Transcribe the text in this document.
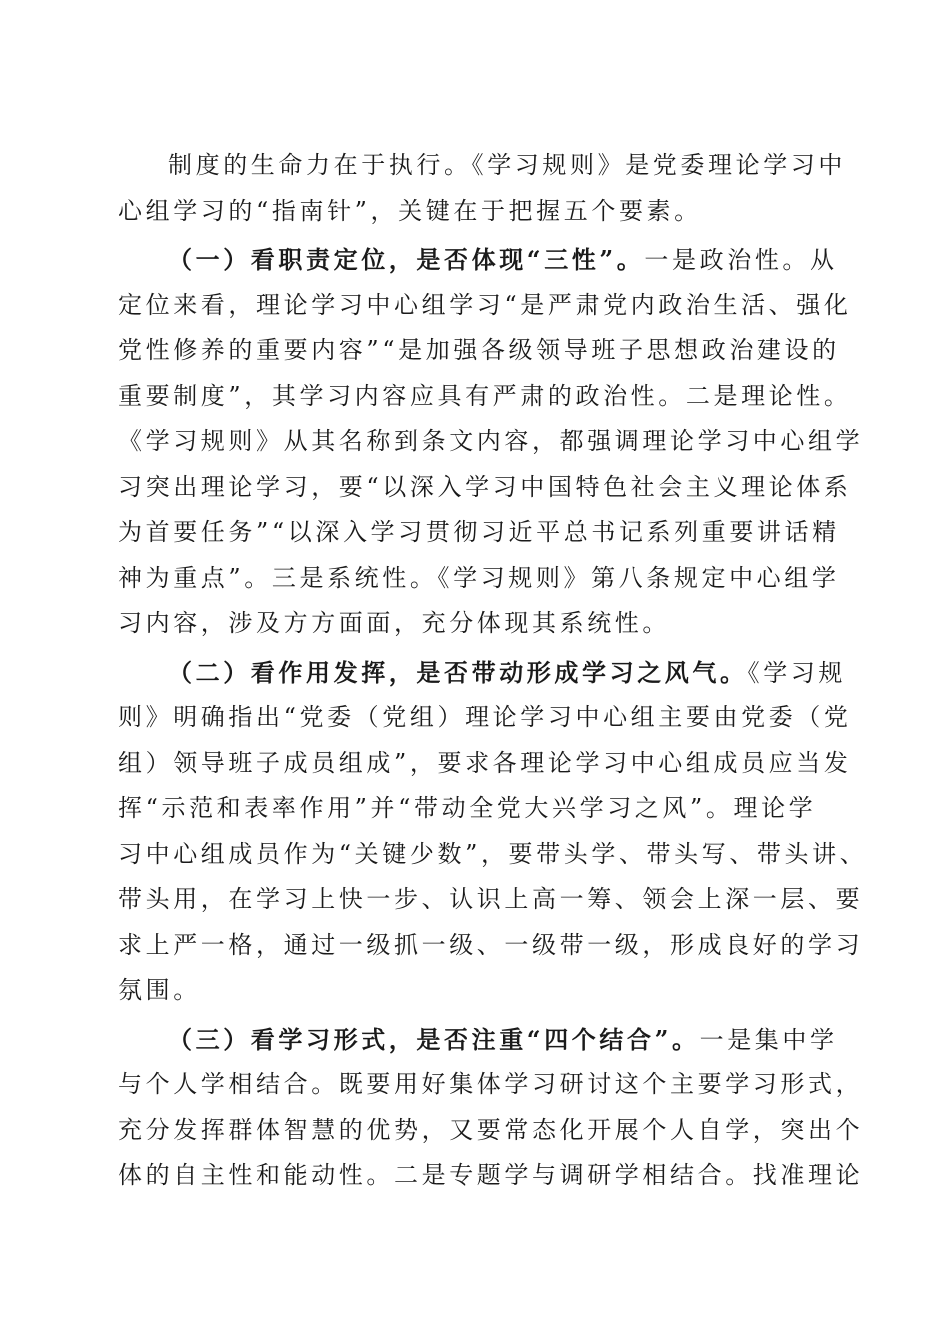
制度的生命力在于执行。《学习规则》是党委理论学习中
心组学习的“指南针”，关键在于把握五个要素。
（一）看职责定位，是否体现“三性”。一是政治性。从
定位来看，理论学习中心组学习“是严肃党内政治生活、强化
党性修养的重要内容”“是加强各级领导班子思想政治建设的
重要制度”，其学习内容应具有严肃的政治性。二是理论性。
《学习规则》从其名称到条文内容，都强调理论学习中心组学
习突出理论学习，要“以深入学习中国特色社会主义理论体系
为首要任务”“以深入学习贯彻习近平总书记系列重要讲话精
神为重点”。三是系统性。《学习规则》第八条规定中心组学
习内容，涉及方方面面，充分体现其系统性。
（二）看作用发挥，是否带动形成学习之风气。《学习规
则》明确指出“党委（党组）理论学习中心组主要由党委（党
组）领导班子成员组成”，要求各理论学习中心组成员应当发
挥“示范和表率作用”并“带动全党大兴学习之风”。理论学
习中心组成员作为“关键少数”，要带头学、带头写、带头讲、
带头用，在学习上快一步、认识上高一筹、领会上深一层、要
求上严一格，通过一级抓一级、一级带一级，形成良好的学习
氛围。
（三）看学习形式，是否注重“四个结合”。一是集中学
与个人学相结合。既要用好集体学习研讨这个主要学习形式，
充分发挥群体智慧的优势，又要常态化开展个人自学，突出个
体的自主性和能动性。二是专题学与调研学相结合。找准理论
